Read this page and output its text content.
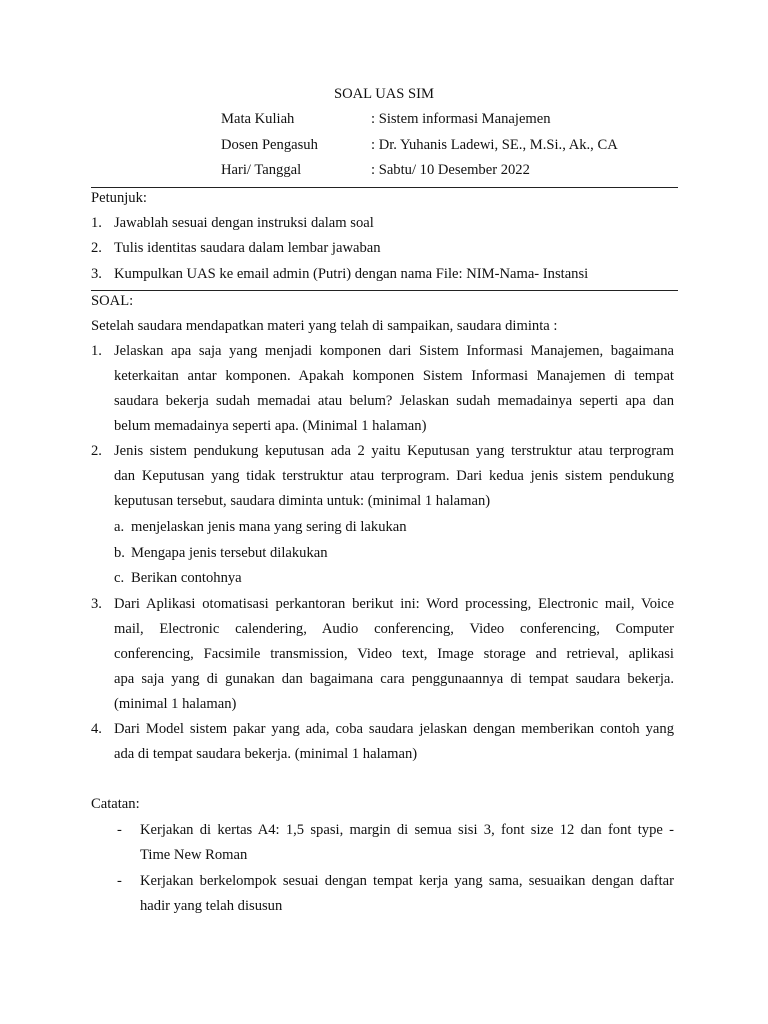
SOAL UAS SIM
Mata Kuliah	: Sistem informasi Manajemen
Dosen Pengasuh	: Dr. Yuhanis Ladewi, SE., M.Si., Ak., CA
Hari/ Tanggal	: Sabtu/ 10 Desember 2022
Petunjuk:
1. Jawablah sesuai dengan instruksi dalam soal
2. Tulis identitas saudara dalam lembar jawaban
3. Kumpulkan UAS ke email admin (Putri) dengan nama File: NIM-Nama- Instansi
SOAL:
Setelah saudara mendapatkan materi yang telah di sampaikan, saudara diminta :
1. Jelaskan apa saja yang menjadi komponen dari Sistem Informasi Manajemen, bagaimana
keterkaitan antar komponen. Apakah komponen Sistem Informasi Manajemen di tempat
saudara bekerja sudah memadai atau belum? Jelaskan sudah memadainya seperti apa dan
belum memadainya seperti apa. (Minimal 1 halaman)
2. Jenis sistem pendukung keputusan ada 2 yaitu Keputusan yang terstruktur atau terprogram
dan Keputusan yang tidak terstruktur atau terprogram. Dari kedua jenis sistem pendukung
keputusan tersebut, saudara diminta untuk: (minimal 1 halaman)
a. menjelaskan jenis mana yang sering di lakukan
b. Mengapa jenis tersebut dilakukan
c. Berikan contohnya
3. Dari Aplikasi otomatisasi perkantoran berikut ini: Word processing, Electronic mail, Voice
mail, Electronic calendering, Audio conferencing, Video conferencing, Computer
conferencing, Facsimile transmission, Video text, Image storage and retrieval, aplikasi
apa saja yang di gunakan dan bagaimana cara penggunaannya di tempat saudara bekerja.
(minimal 1 halaman)
4. Dari Model sistem pakar yang ada, coba saudara jelaskan dengan memberikan contoh yang
ada di tempat saudara bekerja. (minimal 1 halaman)
Catatan:
- Kerjakan di kertas A4: 1,5 spasi, margin di semua sisi 3, font size 12 dan font type -
Time New Roman
- Kerjakan berkelompok sesuai dengan tempat kerja yang sama, sesuaikan dengan daftar
hadir yang telah disusun
